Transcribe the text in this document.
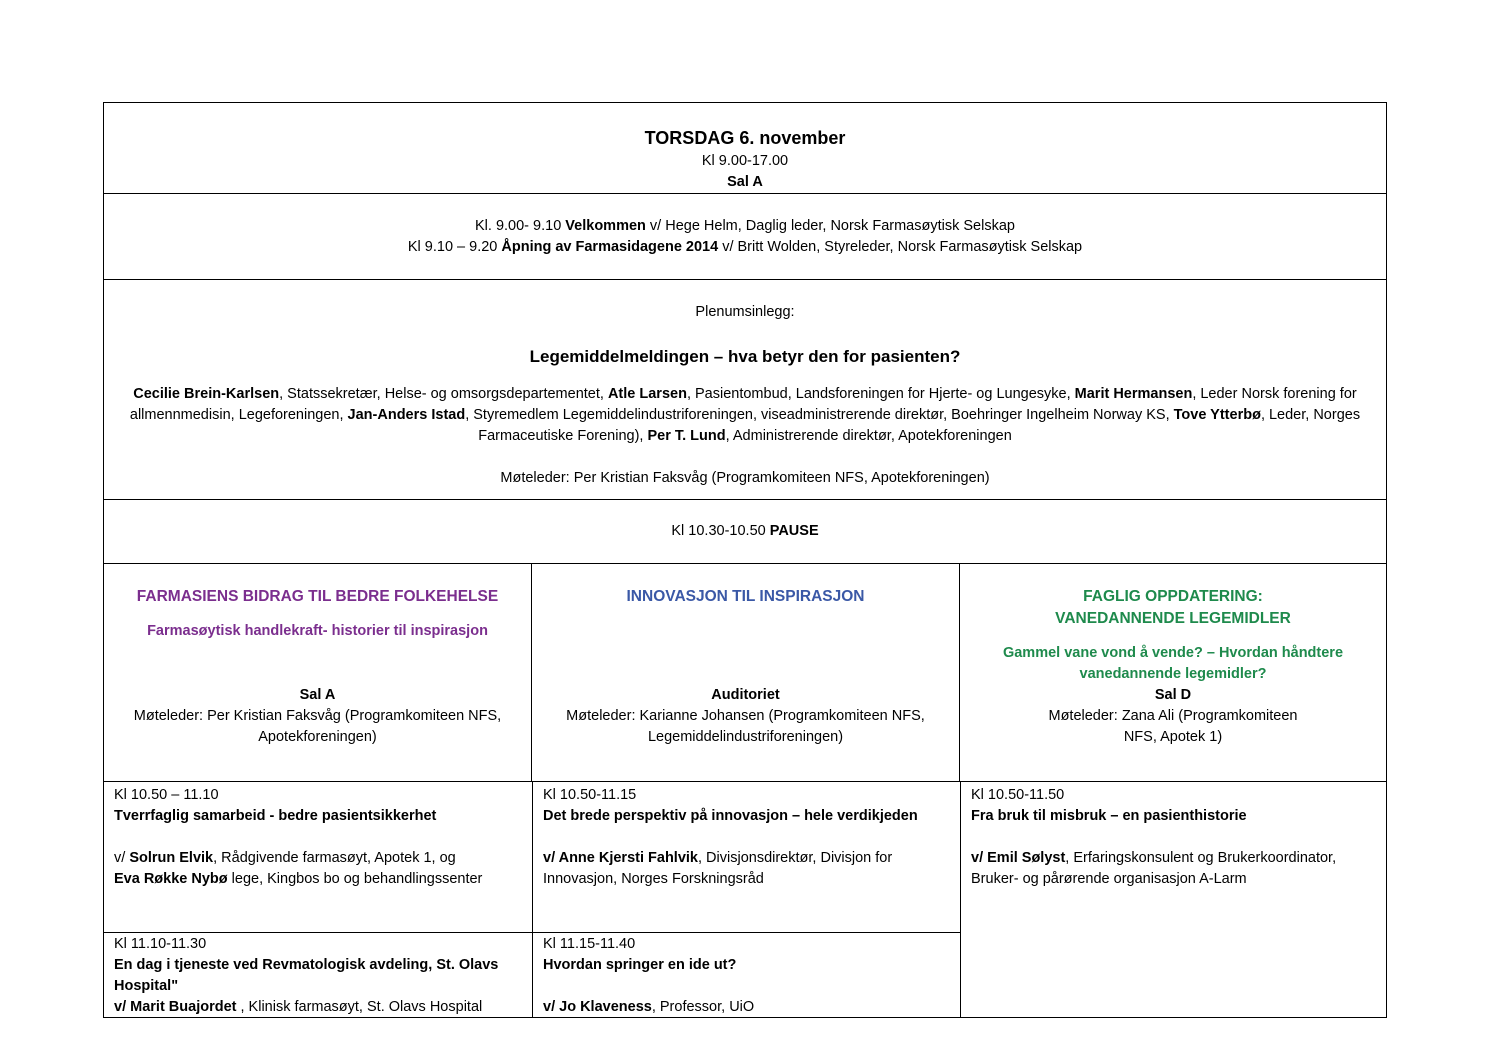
TORSDAG 6. november
Kl 9.00-17.00
Sal A
Kl. 9.00- 9.10 Velkommen v/ Hege Helm, Daglig leder, Norsk Farmasøytisk Selskap
Kl 9.10 – 9.20 Åpning av Farmasidagene 2014 v/ Britt Wolden, Styreleder, Norsk Farmasøytisk Selskap
Plenumsinlegg:
Legemiddelmeldingen – hva betyr den for pasienten?
Cecilie Brein-Karlsen, Statssekretær, Helse- og omsorgsdepartementet, Atle Larsen, Pasientombud, Landsforeningen for Hjerte- og Lungesyke, Marit Hermansen, Leder Norsk forening for allmennmedisin, Legeforeningen, Jan-Anders Istad, Styremedlem Legemiddelindustriforeningen, viseadministrerende direktør, Boehringer Ingelheim Norway KS, Tove Ytterbø, Leder, Norges Farmaceutiske Forening), Per T. Lund, Administrerende direktør, Apotekforeningen
Møteleder: Per Kristian Faksvåg (Programkomiteen NFS, Apotekforeningen)
Kl 10.30-10.50 PAUSE
FARMASIENS BIDRAG TIL BEDRE FOLKEHELSE
Farmasøytisk handlekraft- historier til inspirasjon
Sal A
Møteleder: Per Kristian Faksvåg (Programkomiteen NFS, Apotekforeningen)
INNOVASJON TIL INSPIRASJON
Auditoriet
Møteleder: Karianne Johansen (Programkomiteen NFS, Legemiddelindustriforeningen)
FAGLIG OPPDATERING: VANEDANNENDE LEGEMIDLER
Gammel vane vond å vende? – Hvordan håndtere vanedannende legemidler?
Sal D
Møteleder: Zana Ali (Programkomiteen NFS, Apotek 1)
Kl 10.50 – 11.10
Tverrfaglig samarbeid - bedre pasientsikkerhet
v/ Solrun Elvik, Rådgivende farmasøyt, Apotek 1, og
Eva Røkke Nybø lege, Kingbos bo og behandlingssenter
Kl 11.10-11.30
En dag i tjeneste ved Revmatologisk avdeling, St. Olavs Hospital"
v/ Marit Buajordet , Klinisk farmasøyt, St. Olavs Hospital
Kl 10.50-11.15
Det brede perspektiv på innovasjon – hele verdikjeden
v/ Anne Kjersti Fahlvik, Divisjonsdirektør, Divisjon for Innovasjon, Norges Forskningsråd
Kl 11.15-11.40
Hvordan springer en ide ut?
v/ Jo Klaveness, Professor, UiO
Kl 10.50-11.50
Fra bruk til misbruk – en pasienthistorie
v/ Emil Sølyst, Erfaringskonsulent og Brukerkoordinator, Bruker- og pårørende organisasjon A-Larm
